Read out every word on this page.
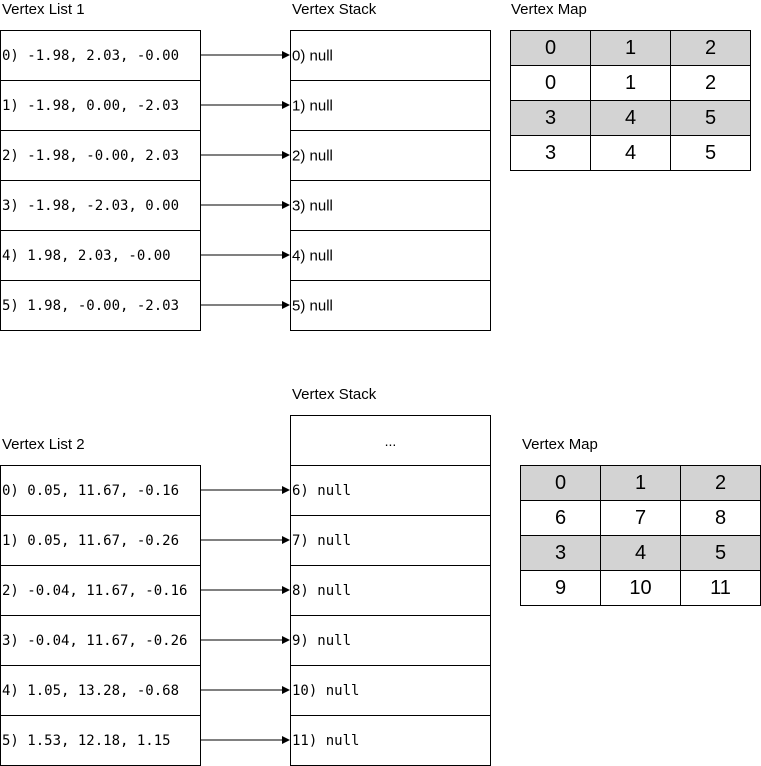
Vertex List 1	Vertex Stack	Vertex Map
0) -1.98, 2.03, -0.00
1) -1.98, 0.00, -2.03
2) -1.98, -0.00, 2.03
3) -1.98, -2.03, 0.00
4) 1.98, 2.03, -0.00
5) 1.98, -0.00, -2.03
0) null
1) null
2) null
3) null
4) null
5) null
0	1	2
0	1	2
3	4	5
3	4	5
Vertex Stack
Vertex List 2	Vertex Map
0) 0.05, 11.67, -0.16
1) 0.05, 11.67, -0.26
2) -0.04, 11.67, -0.16
3) -0.04, 11.67, -0.26
4) 1.05, 13.28, -0.68
5) 1.53, 12.18, 1.15
...
6) null
7) null
8) null
9) null
10) null
11) null
0	1	2
6	7	8
3	4	5
9	10	11
